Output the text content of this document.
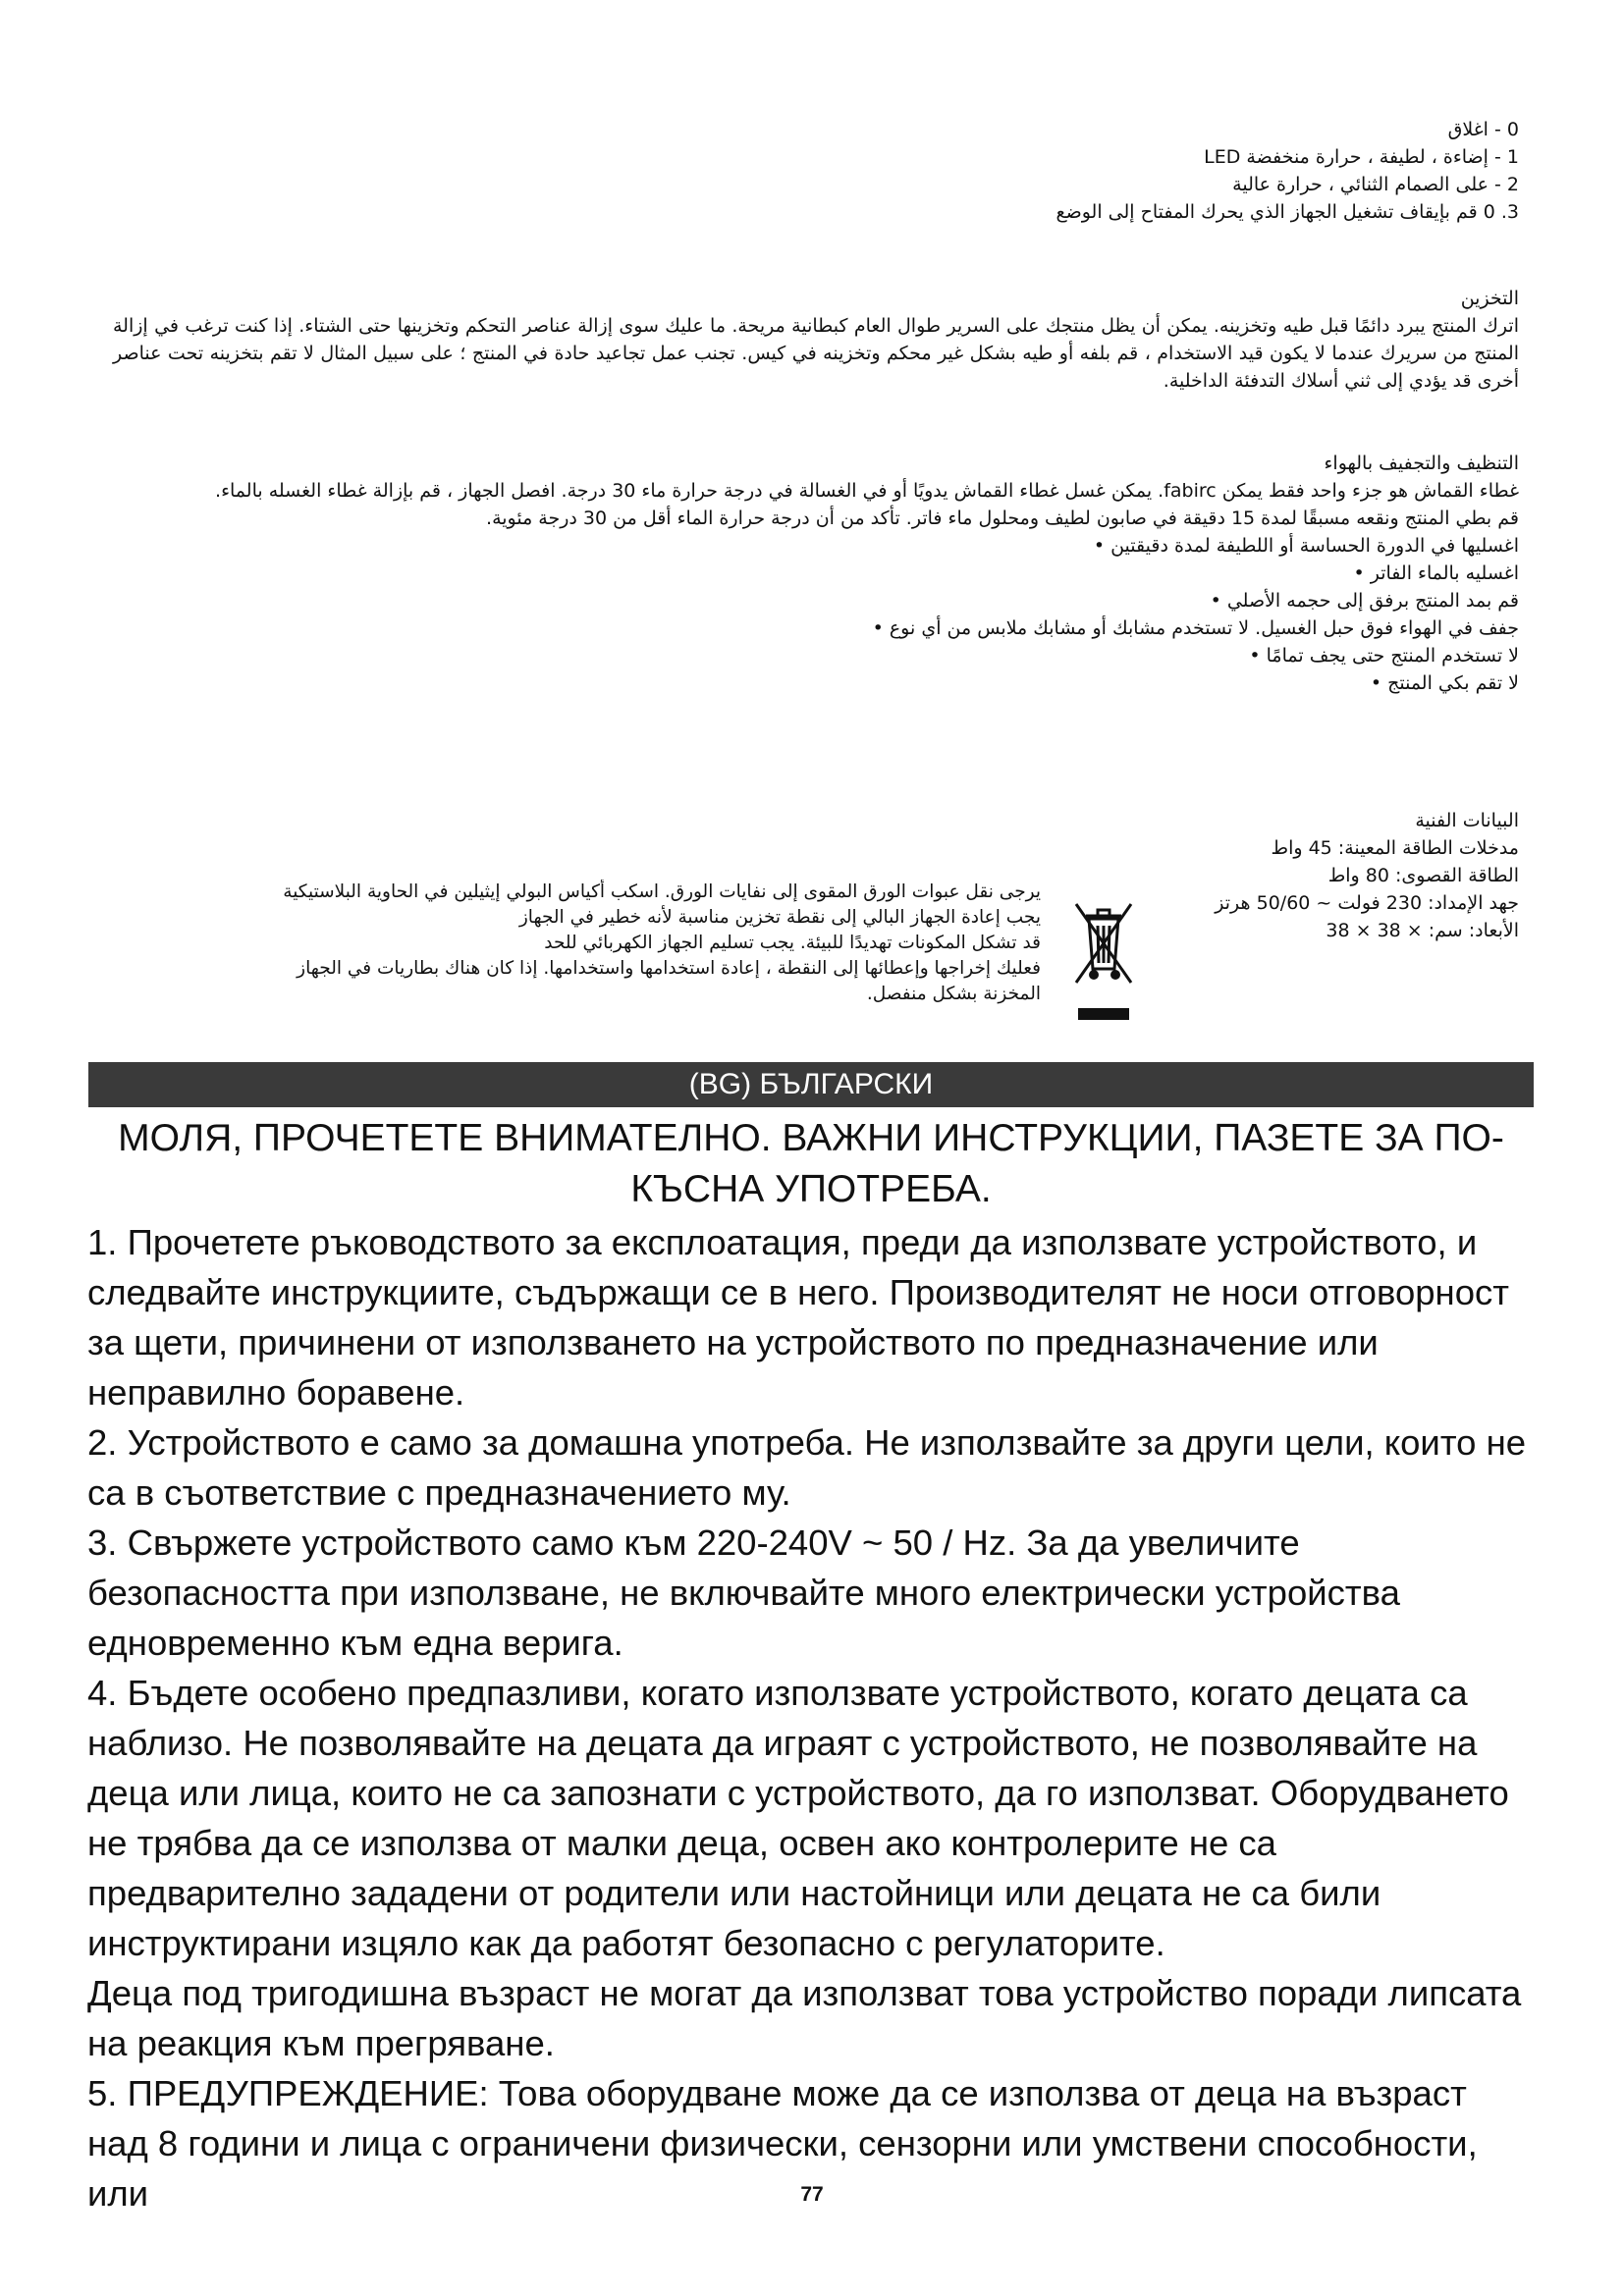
0 - اغلاق

1 - إضاءة ، لطيفة ، حرارة منخفضة LED

2 - على الصمام الثنائي ، حرارة عالية

3. 0 قم بإيقاف تشغيل الجهاز الذي يحرك المفتاح إلى الوضع

التخزين

اترك المنتج يبرد دائمًا قبل طيه وتخزينه. يمكن أن يظل منتجك على السرير طوال العام كبطانية مريحة. ما عليك سوى إزالة عناصر التحكم وتخزينها حتى الشتاء. إذا كنت ترغب في إزالة المنتج من سريرك عندما لا يكون قيد الاستخدام ، قم بلفه أو طيه بشكل غير محكم وتخزينه في كيس. تجنب عمل تجاعيد حادة في المنتج ؛ على سبيل المثال لا تقم بتخزينه تحت عناصر أخرى قد يؤدي إلى ثني أسلاك التدفئة الداخلية.

التنظيف والتجفيف بالهواء

غطاء القماش هو جزء واحد فقط يمكن fabirc. يمكن غسل غطاء القماش يدويًا أو في الغسالة في درجة حرارة ماء 30 درجة. افصل الجهاز ، قم بإزالة غطاء الغسله بالماء.

قم بطي المنتج ونقعه مسبقًا لمدة 15 دقيقة في صابون لطيف ومحلول ماء فاتر. تأكد من أن درجة حرارة الماء أقل من 30 درجة مئوية.

اغسليها في الدورة الحساسة أو اللطيفة لمدة دقيقتين •

اغسليه بالماء الفاتر •

قم بمد المنتج برفق إلى حجمه الأصلي •

جفف في الهواء فوق حبل الغسيل. لا تستخدم مشابك أو مشابك ملابس من أي نوع •

لا تستخدم المنتج حتى يجف تمامًا •

لا تقم بكي المنتج •

البيانات الفنية

مدخلات الطاقة المعينة: 45 واط

الطاقة القصوى: 80 واط

جهد الإمداد: 230 فولت ~ 50/60 هرتز

الأبعاد: سم: × 38 × 38

يرجى نقل عبوات الورق المقوى إلى نفايات الورق. اسكب أكياس البولي إيثيلين في الحاوية البلاستيكية

يجب إعادة الجهاز البالي إلى نقطة تخزين مناسبة لأنه خطير في الجهاز

قد تشكل المكونات تهديدًا للبيئة. يجب تسليم الجهاز الكهربائي للحد

فعليك إخراجها وإعطائها إلى النقطة ، إعادة استخدامها واستخدامها. إذا كان هناك بطاريات في الجهاز

المخزنة بشكل منفصل.

(BG) БЪЛГАРСКИ
МОЛЯ, ПРОЧЕТЕТЕ ВНИМАТЕЛНО. ВАЖНИ ИНСТРУКЦИИ, ПАЗЕТЕ ЗА ПО-КЪСНА УПОТРЕБА.

1. Прочетете ръководството за експлоатация, преди да използвате устройството, и следвайте инструкциите, съдържащи се в него. Производителят не носи отговорност за щети, причинени от използването на устройството по предназначение или неправилно боравене.

2. Устройството е само за домашна употреба. Не използвайте за други цели, които не са в съответствие с предназначението му.

3. Свържете устройството само към 220-240V ~ 50 / Hz. За да увеличите безопасността при използване, не включвайте много електрически устройства едновременно към една верига.

4. Бъдете особено предпазливи, когато използвате устройството, когато децата са наблизо. Не позволявайте на децата да играят с устройството, не позволявайте на деца или лица, които не са запознати с устройството, да го използват. Оборудването не трябва да се използва от малки деца, освен ако контролерите не са предварително зададени от родители или настойници или децата не са били инструктирани изцяло как да работят безопасно с регулаторите.

Деца под тригодишна възраст не могат да използват това устройство поради липсата на реакция към прегряване.

5. ПРЕДУПРЕЖДЕНИЕ: Това оборудване може да се използва от деца на възраст над 8 години и лица с ограничени физически, сензорни или умствени способности, или	77
